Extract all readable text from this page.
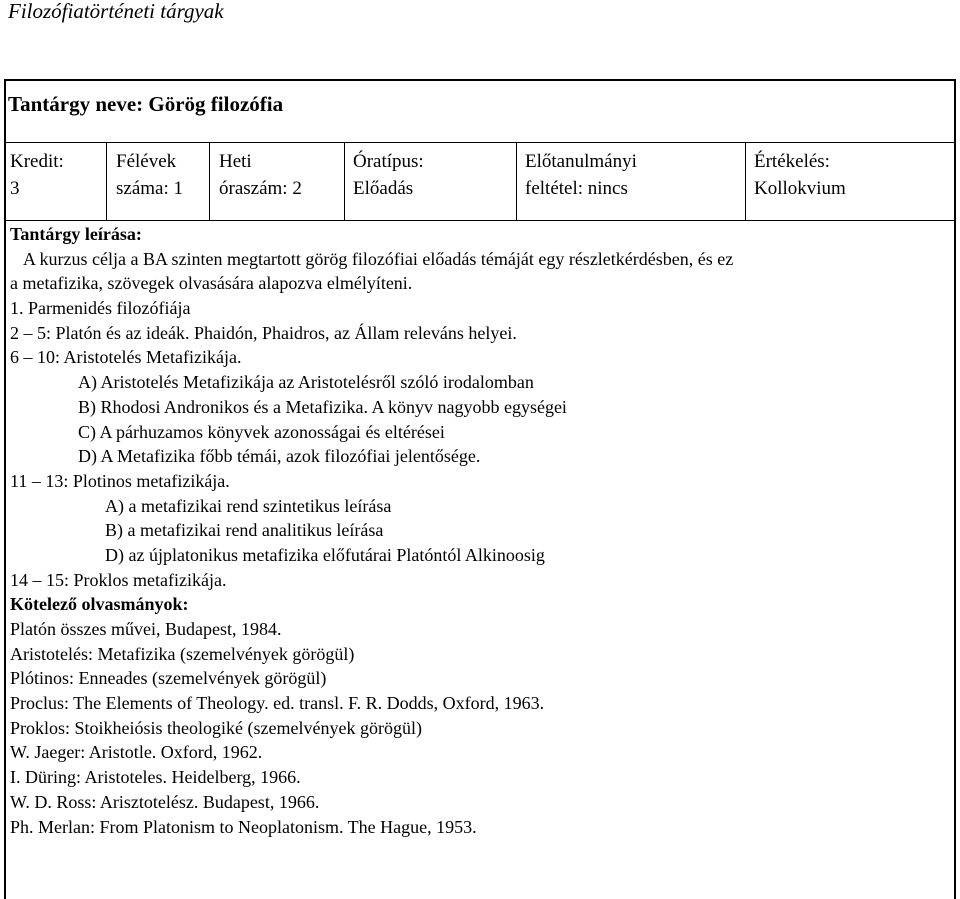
Filozófiatörténeti tárgyak
Tantárgy neve: Görög filozófia
Kredit:
3
Félévek
száma: 1
Heti
óraszám: 2
Óratípus:
Előadás
Előtanulmányi
feltétel: nincs
Értékelés:
Kollokvium
Tantárgy leírása:
A kurzus célja a BA szinten megtartott görög filozófiai előadás témáját egy részletkérdésben, és ez
a metafizika, szövegek olvasására alapozva elmélyíteni.
1. Parmenidés filozófiája
2 – 5: Platón és az ideák. Phaidón, Phaidros, az Állam releváns helyei.
6 – 10: Aristotelés Metafizikája.
A) Aristotelés Metafizikája az Aristotelésről szóló irodalomban
B) Rhodosi Andronikos és a Metafizika. A könyv nagyobb egységei
C) A párhuzamos könyvek azonosságai és eltérései
D) A Metafizika főbb témái, azok filozófiai jelentősége.
11 – 13: Plotinos metafizikája.
A) a metafizikai rend szintetikus leírása
B) a metafizikai rend analitikus leírása
D) az újplatonikus metafizika előfutárai Platóntól Alkinoosig
14 – 15: Proklos metafizikája.
Kötelező olvasmányok:
Platón összes művei, Budapest, 1984.
Aristotelés: Metafizika (szemelvények görögül)
Plótinos: Enneades (szemelvények görögül)
Proclus: The Elements of Theology. ed. transl. F. R. Dodds, Oxford, 1963.
Proklos: Stoikheiósis theologiké (szemelvények görögül)
W. Jaeger: Aristotle. Oxford, 1962.
I. Düring: Aristoteles. Heidelberg, 1966.
W. D. Ross: Arisztotelész. Budapest, 1966.
Ph. Merlan: From Platonism to Neoplatonism. The Hague, 1953.
